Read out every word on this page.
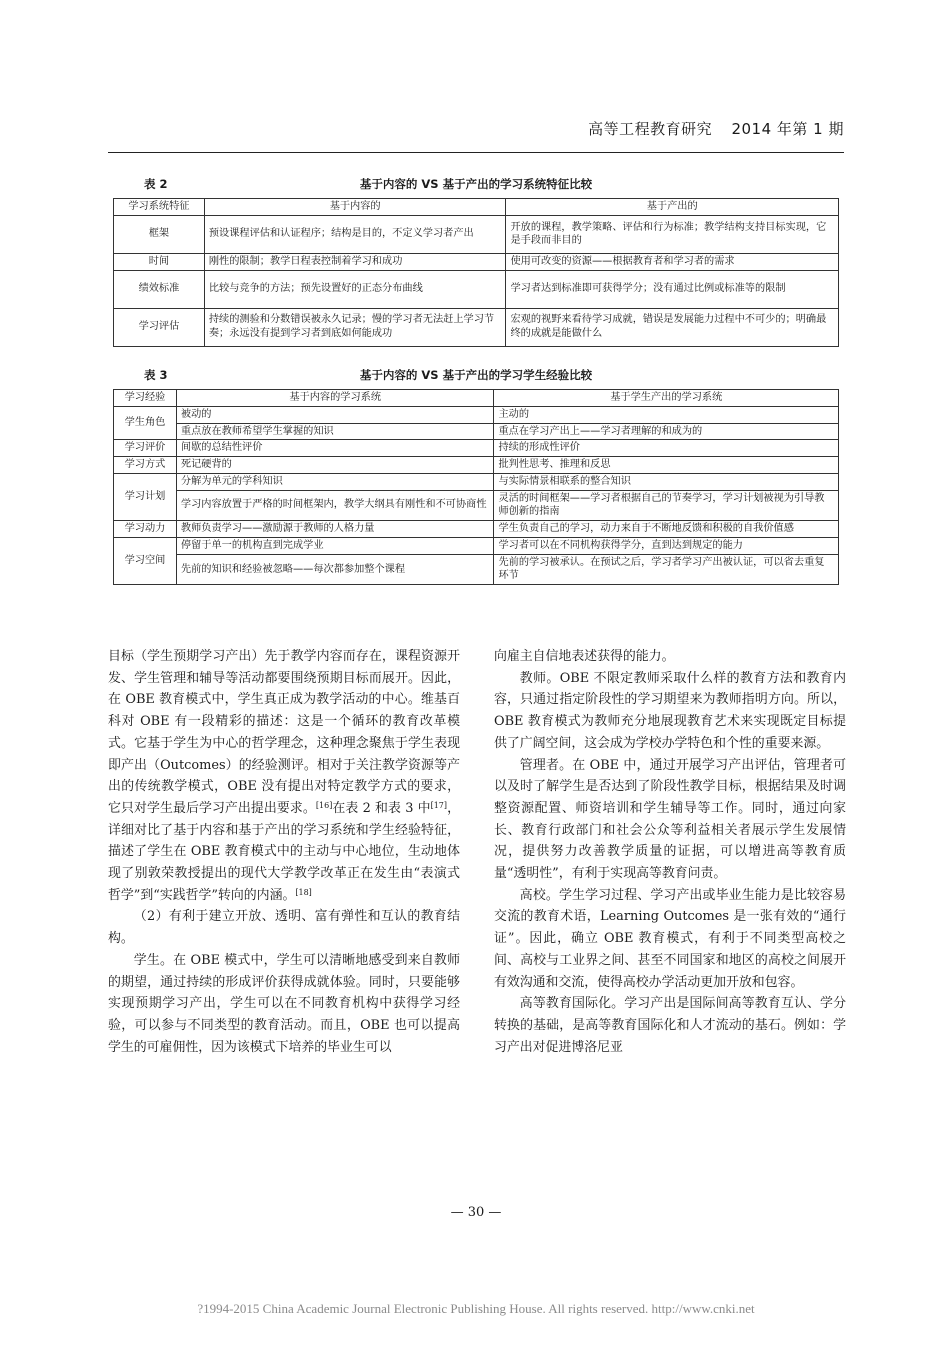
高等工程教育研究 2014 年第 1 期
表 2	基于内容的 VS 基于产出的学习系统特征比较
学习系统特征	基于内容的	基于产出的
框架	预设课程评估和认证程序；结构是目的，不定义学习者产出	开放的课程，教学策略、评估和行为标准；教学结构支持目标实现，它是手段而非目的
时间	刚性的限制；教学日程表控制着学习和成功	使用可改变的资源——根据教育者和学习者的需求
绩效标准	比较与竞争的方法；预先设置好的正态分布曲线	学习者达到标准即可获得学分；没有通过比例或标准等的限制
学习评估	持续的测验和分数错误被永久记录；慢的学习者无法赶上学习节奏；永远没有提到学习者到底如何能成功	宏观的视野来看待学习成就，错误是发展能力过程中不可少的；明确最终的成就是能做什么
表 3	基于内容的 VS 基于产出的学习学生经验比较
学习经验	基于内容的学习系统	基于学生产出的学习系统
学生角色	被动的	主动的
	重点放在教师希望学生掌握的知识	重点在学习产出上——学习者理解的和成为的
学习评价	间歇的总结性评价	持续的形成性评价
学习方式	死记硬背的	批判性思考、推理和反思
学习计划	分解为单元的学科知识	与实际情景相联系的整合知识
	学习内容放置于严格的时间框架内，教学大纲具有刚性和不可协商性	灵活的时间框架——学习者根据自己的节奏学习，学习计划被视为引导教师创新的指南
学习动力	教师负责学习——激励源于教师的人格力量	学生负责自己的学习，动力来自于不断地反馈和积极的自我价值感
学习空间	停留于单一的机构直到完成学业	学习者可以在不同机构获得学分，直到达到规定的能力
	先前的知识和经验被忽略——每次都参加整个课程	先前的学习被承认。在预试之后，学习者学习产出被认证，可以省去重复环节

目标（学生预期学习产出）先于教学内容而存在，课程资源开发、学生管理和辅导等活动都要围绕预期目标而展开。因此，在 OBE 教育模式中，学生真正成为教学活动的中心。维基百科对 OBE 有一段精彩的描述：这是一个循环的教育改革模式。它基于学生为中心的哲学理念，这种理念聚焦于学生表现即产出（Outcomes）的经验测评。相对于关注教学资源等产出的传统教学模式，OBE 没有提出对特定教学方式的要求，它只对学生最后学习产出提出要求。[16]在表 2 和表 3 中[17]，详细对比了基于内容和基于产出的学习系统和学生经验特征，描述了学生在 OBE 教育模式中的主动与中心地位，生动地体现了别敦荣教授提出的现代大学教学改革正在发生由“表演式哲学”到“实践哲学”转向的内涵。[18]

（2）有利于建立开放、透明、富有弹性和互认的教育结构。

学生。在 OBE 模式中，学生可以清晰地感受到来自教师的期望，通过持续的形成评价获得成就体验。同时，只要能够实现预期学习产出，学生可以在不同教育机构中获得学习经验，可以参与不同类型的教育活动。而且，OBE 也可以提高学生的可雇佣性，因为该模式下培养的毕业生可以

向雇主自信地表述获得的能力。

教师。OBE 不限定教师采取什么样的教育方法和教育内容，只通过指定阶段性的学习期望来为教师指明方向。所以，OBE 教育模式为教师充分地展现教育艺术来实现既定目标提供了广阔空间，这会成为学校办学特色和个性的重要来源。

管理者。在 OBE 中，通过开展学习产出评估，管理者可以及时了解学生是否达到了阶段性教学目标，根据结果及时调整资源配置、师资培训和学生辅导等工作。同时，通过向家长、教育行政部门和社会公众等利益相关者展示学生发展情况，提供努力改善教学质量的证据，可以增进高等教育质量“透明性”，有利于实现高等教育问责。

高校。学生学习过程、学习产出或毕业生能力是比较容易交流的教育术语，Learning Outcomes 是一张有效的“通行证”。因此，确立 OBE 教育模式，有利于不同类型高校之间、高校与工业界之间、甚至不同国家和地区的高校之间展开有效沟通和交流，使得高校办学活动更加开放和包容。

高等教育国际化。学习产出是国际间高等教育互认、学分转换的基础，是高等教育国际化和人才流动的基石。例如：学习产出对促进博洛尼亚

— 30 —
?1994-2015 China Academic Journal Electronic Publishing House. All rights reserved. http://www.cnki.net
